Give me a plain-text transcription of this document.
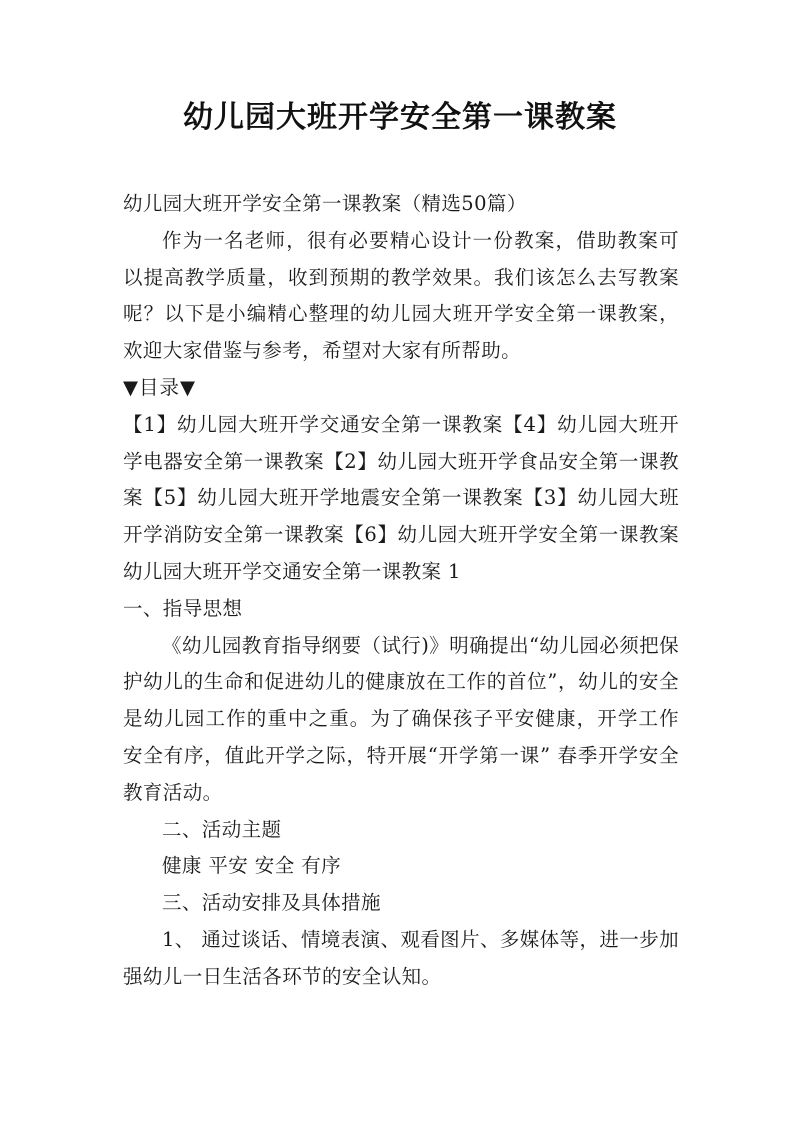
幼儿园大班开学安全第一课教案

幼儿园大班开学安全第一课教案（精选50篇）

作为一名老师，很有必要精心设计一份教案，借助教案可以提高教学质量，收到预期的教学效果。我们该怎么去写教案呢？以下是小编精心整理的幼儿园大班开学安全第一课教案，欢迎大家借鉴与参考，希望对大家有所帮助。

▼目录▼

【1】幼儿园大班开学交通安全第一课教案【4】幼儿园大班开学电器安全第一课教案【2】幼儿园大班开学食品安全第一课教案【5】幼儿园大班开学地震安全第一课教案【3】幼儿园大班开学消防安全第一课教案【6】幼儿园大班开学安全第一课教案　　幼儿园大班开学交通安全第一课教案 1

一、指导思想

《幼儿园教育指导纲要（试行)》明确提出“幼儿园必须把保护幼儿的生命和促进幼儿的健康放在工作的首位”，幼儿的安全是幼儿园工作的重中之重。为了确保孩子平安健康，开学工作安全有序，值此开学之际，特开展“开学第一课” 春季开学安全教育活动。

二、活动主题

健康 平安 安全 有序

三、活动安排及具体措施

1、 通过谈话、情境表演、观看图片、多媒体等，进一步加强幼儿一日生活各环节的安全认知。
